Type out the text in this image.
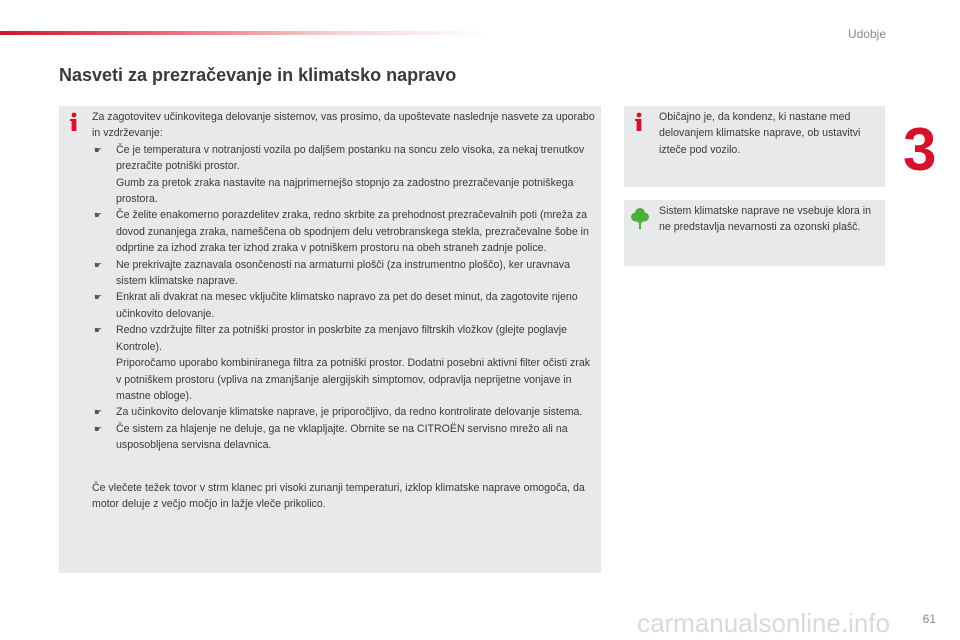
Udobje
3
Nasveti za prezračevanje in klimatsko napravo

Za zagotovitev učinkovitega delovanje sistemov, vas prosimo, da upoštevate naslednje nasvete za uporabo in vzdrževanje:

☛ Če je temperatura v notranjosti vozila po daljšem postanku na soncu zelo visoka, za nekaj trenutkov prezračite potniški prostor.

Gumb za pretok zraka nastavite na najprimernejšo stopnjo za zadostno prezračevanje potniškega prostora.

☛ Če želite enakomerno porazdelitev zraka, redno skrbite za prehodnost prezračevalnih poti (mreža za dovod zunanjega zraka, nameščena ob spodnjem delu vetrobranskega stekla, prezračevalne šobe in odprtine za izhod zraka ter izhod zraka v potniškem prostoru na obeh straneh zadnje police.
☛ Ne prekrivajte zaznavala osončenosti na armaturni plošči (za instrumentno ploščo), ker uravnava sistem klimatske naprave.
☛ Enkrat ali dvakrat na mesec vključite klimatsko napravo za pet do deset minut, da zagotovite njeno učinkovito delovanje.
☛ Redno vzdržujte filter za potniški prostor in poskrbite za menjavo filtrskih vložkov (glejte poglavje Kontrole).

Priporočamo uporabo kombiniranega filtra za potniški prostor. Dodatni posebni aktivni filter očisti zrak v potniškem prostoru (vpliva na zmanjšanje alergijskih simptomov, odpravlja neprijetne vonjave in mastne obloge).

☛ Za učinkovito delovanje klimatske naprave, je priporočljivo, da redno kontrolirate delovanje sistema.
☛ Če sistem za hlajenje ne deluje, ga ne vklapljajte. Obrnite se na CITROËN servisno mrežo ali na usposobljena servisna delavnica.

Če vlečete težek tovor v strm klanec pri visoki zunanji temperaturi, izklop klimatske naprave omogoča, da motor deluje z večjo močjo in lažje vleče prikolico.

Običajno je, da kondenz, ki nastane med delovanjem klimatske naprave, ob ustavitvi izteče pod vozilo.
Sistem klimatske naprave ne vsebuje klora in ne predstavlja nevarnosti za ozonski plašč.
carmanualsonline.info	61
